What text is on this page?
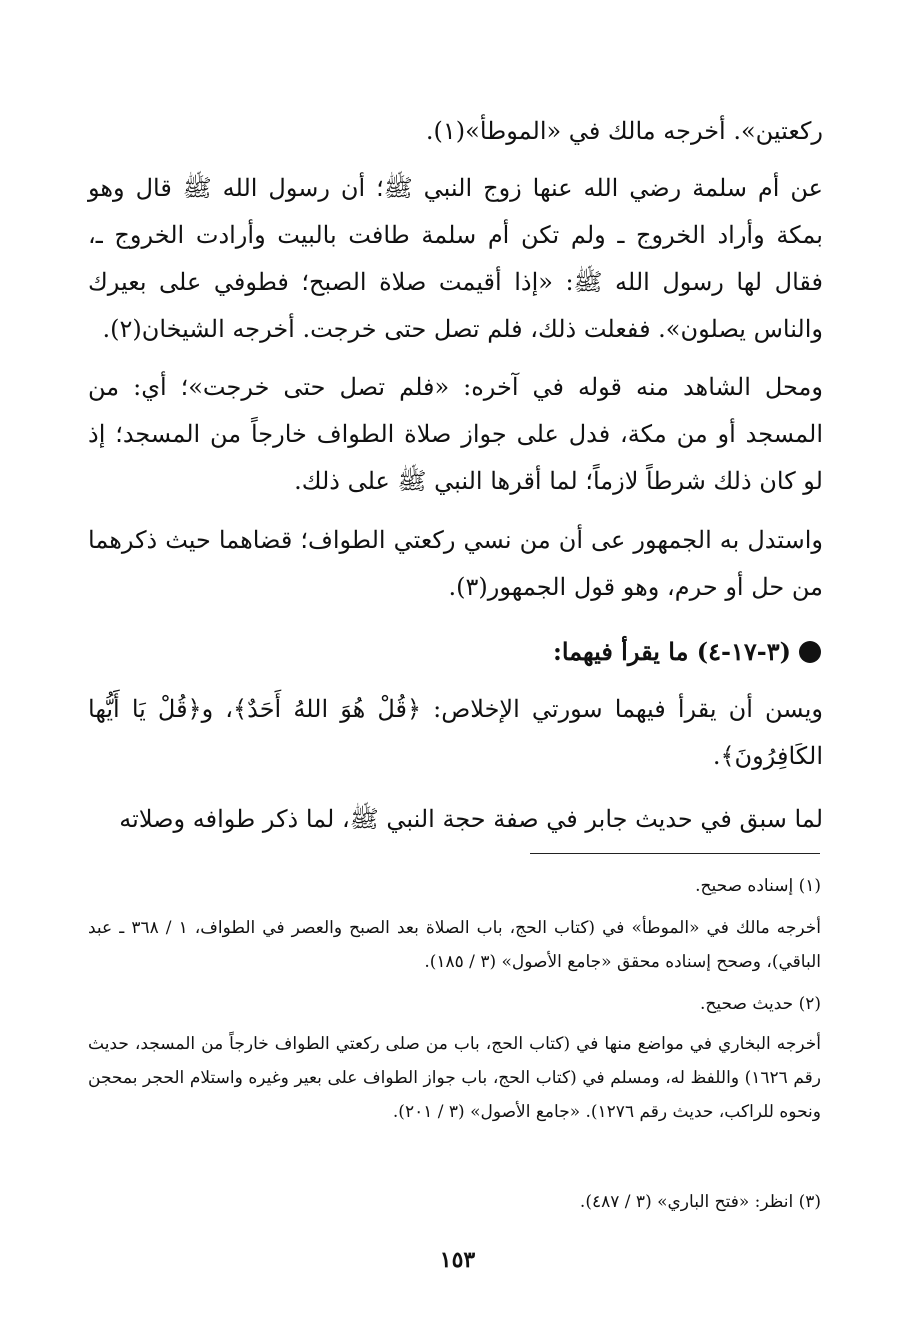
ركعتين». أخرجه مالك في «الموطأ»(١).

عن أم سلمة رضي الله عنها زوج النبي ﷺ؛ أن رسول الله ﷺ قال وهو بمكة وأراد الخروج ـ ولم تكن أم سلمة طافت بالبيت وأرادت الخروج ـ، فقال لها رسول الله ﷺ: «إذا أقيمت صلاة الصبح؛ فطوفي على بعيرك والناس يصلون». ففعلت ذلك، فلم تصل حتى خرجت. أخرجه الشيخان(٢).

ومحل الشاهد منه قوله في آخره: «فلم تصل حتى خرجت»؛ أي: من المسجد أو من مكة، فدل على جواز صلاة الطواف خارجاً من المسجد؛ إذ لو كان ذلك شرطاً لازماً؛ لما أقرها النبي ﷺ على ذلك.

واستدل به الجمهور عى أن من نسي ركعتي الطواف؛ قضاهما حيث ذكرهما من حل أو حرم، وهو قول الجمهور(٣).

(٣-١٧-٤) ما يقرأ فيهما:

ويسن أن يقرأ فيهما سورتي الإخلاص: ﴿قُلْ هُوَ اللهُ أَحَدٌ﴾، و﴿قُلْ يَا أَيُّها الكَافِرُونَ﴾.

لما سبق في حديث جابر في صفة حجة النبي ﷺ، لما ذكر طوافه وصلاته

(١) إسناده صحيح.

أخرجه مالك في «الموطأ» في (كتاب الحج، باب الصلاة بعد الصبح والعصر في الطواف، ١ / ٣٦٨ ـ عبد الباقي)، وصحح إسناده محقق «جامع الأصول» (٣ / ١٨٥).

(٢) حديث صحيح.

أخرجه البخاري في مواضع منها في (كتاب الحج، باب من صلى ركعتي الطواف خارجاً من المسجد، حديث رقم ١٦٢٦) واللفظ له، ومسلم في (كتاب الحج، باب جواز الطواف على بعير وغيره واستلام الحجر بمحجن ونحوه للراكب، حديث رقم ١٢٧٦). «جامع الأصول» (٣ / ٢٠١).

(٣) انظر: «فتح الباري» (٣ / ٤٨٧).

١٥٣
